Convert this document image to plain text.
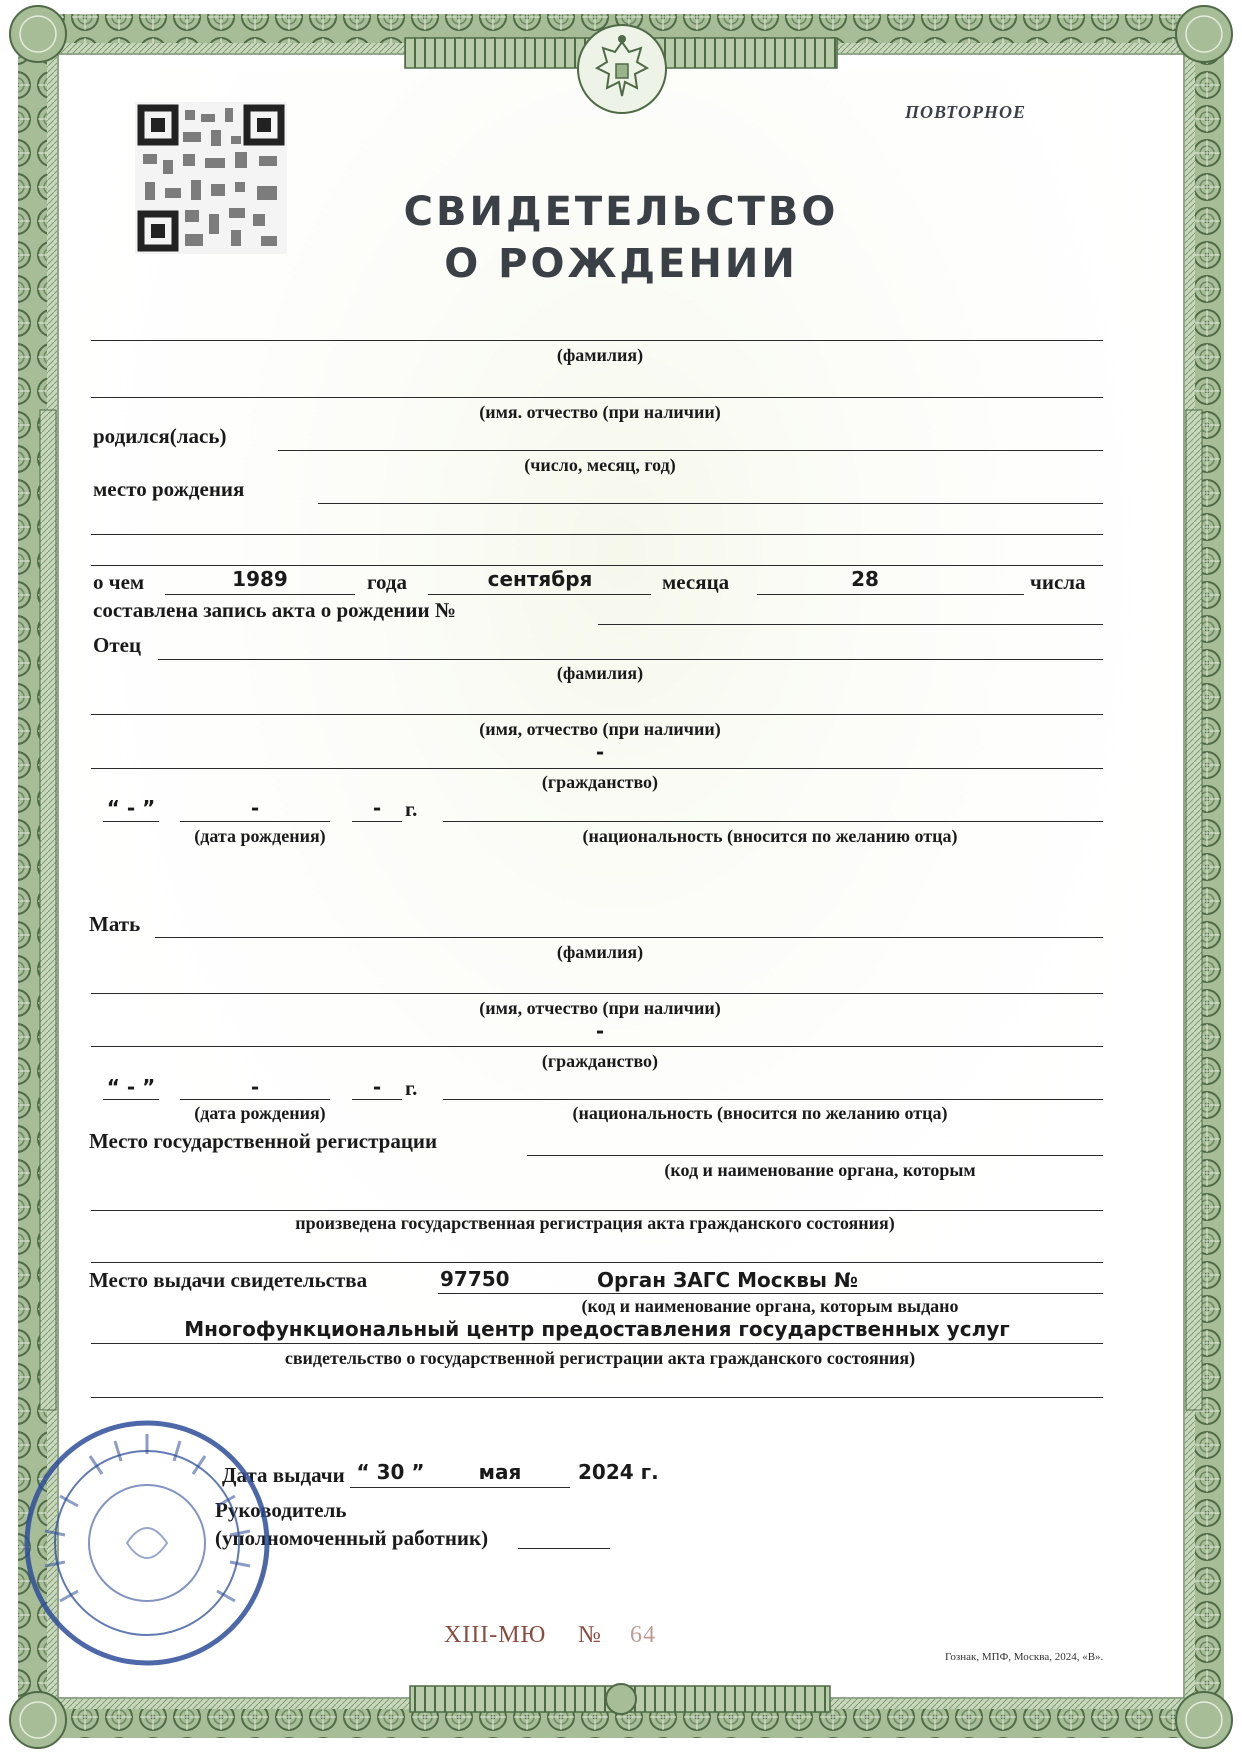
ПОВТОРНОЕ
СВИДЕТЕЛЬСТВО
О РОЖДЕНИИ
(фамилия)
(имя. отчество (при наличии)
родился(лась)
(число, месяц, год)
место рождения
о чем	1989	года	сентября	месяца	28	числа
составлена запись акта о рождении №
Отец
(фамилия)
(имя, отчество (при наличии)
-
(гражданство)
“ - ”	-	-	г.
(дата рождения)	(национальность (вносится по желанию отца)
Мать
(фамилия)
(имя, отчество (при наличии)
-
(гражданство)
“ - ”	-	-	г.
(дата рождения)	(национальность (вносится по желанию отца)
Место государственной регистрации
(код и наименование органа, которым
произведена государственная регистрация акта гражданского состояния)
Место выдачи свидетельства	97750	Орган ЗАГС Москвы №
(код и наименование органа, которым выдано
Многофункциональный центр предоставления государственных услуг
свидетельство о государственной регистрации акта гражданского состояния)
Дата выдачи “ 30 ”	мая	2024 г.
Руководитель
(уполномоченный работник)
XIII-МЮ № 64
Гознак, МПФ, Москва, 2024, «В».
